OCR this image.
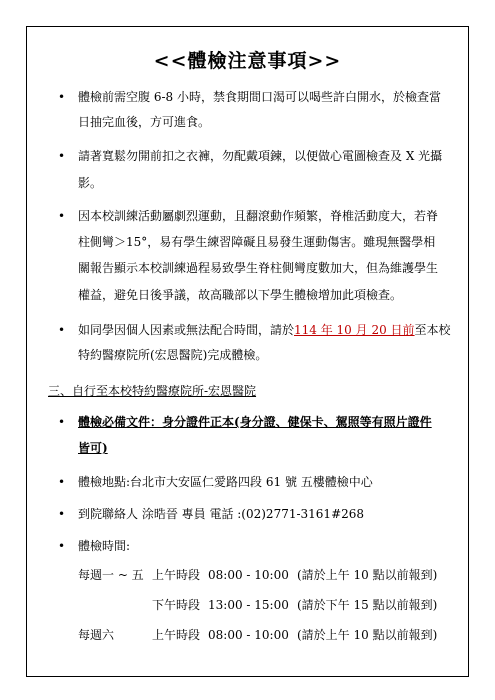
<<體檢注意事項>>
• 體檢前需空腹 6-8 小時，禁食期間口渴可以喝些許白開水，於檢查當
日抽完血後，方可進食。
• 請著寬鬆勿開前扣之衣褲，勿配戴項鍊，以便做心電圖檢查及 X 光攝
影。
• 因本校訓練活動屬劇烈運動，且翻滾動作頻繁，脊椎活動度大，若脊
柱側彎＞15°，易有學生練習障礙且易發生運動傷害。雖現無醫學相
關報告顯示本校訓練過程易致學生脊柱側彎度數加大，但為維護學生
權益，避免日後爭議，故高職部以下學生體檢增加此項檢查。
• 如同學因個人因素或無法配合時間，請於114 年 10 月 20 日前至本校
特約醫療院所(宏恩醫院)完成體檢。
三、自行至本校特約醫療院所-宏恩醫院
• 體檢必備文件：身分證件正本(身分證、健保卡、駕照等有照片證件
皆可)
• 體檢地點:台北市大安區仁愛路四段 61 號 五樓體檢中心
• 到院聯絡人 涂晧晉 專員 電話 :(02)2771-3161#268
• 體檢時間:
每週一 ~ 五 上午時段 08:00 - 10:00 (請於上午 10 點以前報到)
下午時段 13:00 - 15:00 (請於下午 15 點以前報到)
每週六	上午時段 08:00 - 10:00 (請於上午 10 點以前報到)
